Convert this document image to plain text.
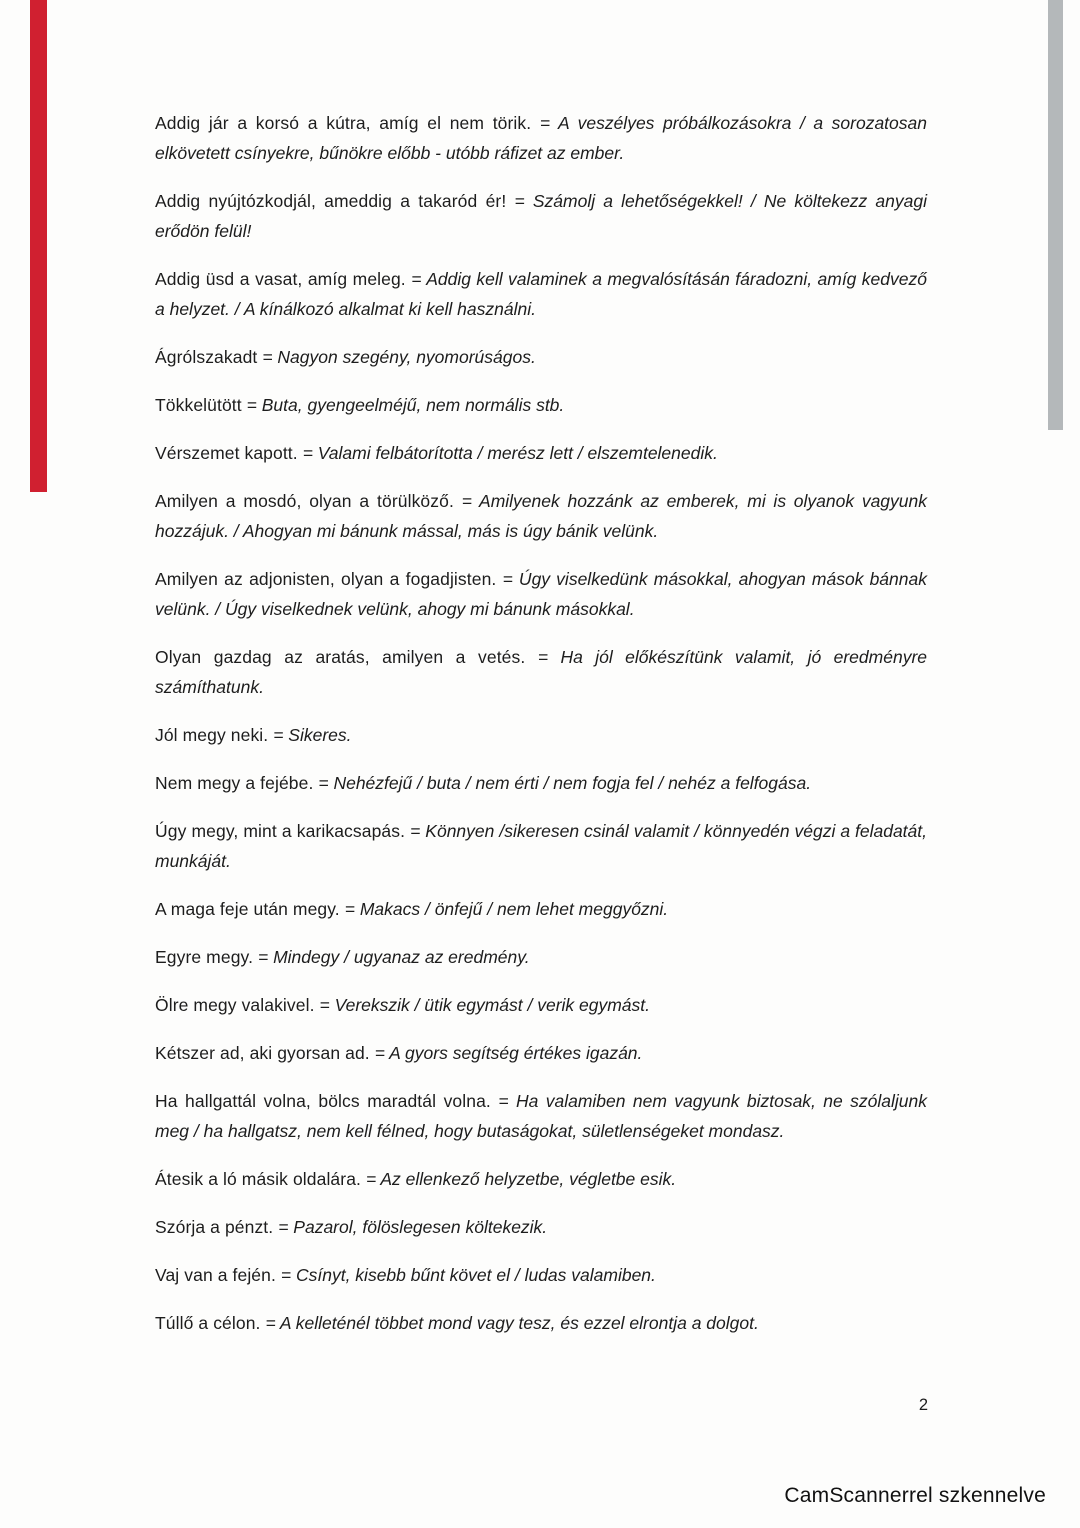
Addig jár a korsó a kútra, amíg el nem törik. = A veszélyes próbálkozásokra / a sorozatosan elkövetett csínyekre, bűnökre előbb - utóbb ráfizet az ember.

Addig nyújtózkodjál, ameddig a takaród ér! = Számolj a lehetőségekkel! / Ne költekezz anyagi erődön felül!

Addig üsd a vasat, amíg meleg. = Addig kell valaminek a megvalósításán fáradozni, amíg kedvező a helyzet. / A kínálkozó alkalmat ki kell használni.

Ágrólszakadt = Nagyon szegény, nyomorúságos.

Tökkelütött = Buta, gyengeelméjű, nem normális stb.

Vérszemet kapott. = Valami felbátorította / merész lett / elszemtelenedik.

Amilyen a mosdó, olyan a törülköző. = Amilyenek hozzánk az emberek, mi is olyanok vagyunk hozzájuk. / Ahogyan mi bánunk mással, más is úgy bánik velünk.

Amilyen az adjonisten, olyan a fogadjisten. = Úgy viselkedünk másokkal, ahogyan mások bánnak velünk. / Úgy viselkednek velünk, ahogy mi bánunk másokkal.

Olyan gazdag az aratás, amilyen a vetés. = Ha jól előkészítünk valamit, jó eredményre számíthatunk.

Jól megy neki. = Sikeres.

Nem megy a fejébe. = Nehézfejű / buta / nem érti / nem fogja fel / nehéz a felfogása.

Úgy megy, mint a karikacsapás. = Könnyen /sikeresen csinál valamit / könnyedén végzi a feladatát, munkáját.

A maga feje után megy. = Makacs / önfejű / nem lehet meggyőzni.

Egyre megy. = Mindegy / ugyanaz az eredmény.

Ölre megy valakivel. = Verekszik / ütik egymást / verik egymást.

Kétszer ad, aki gyorsan ad. = A gyors segítség értékes igazán.

Ha hallgattál volna, bölcs maradtál volna. = Ha valamiben nem vagyunk biztosak, ne szólaljunk meg / ha hallgatsz, nem kell félned, hogy butaságokat, sületlenségeket mondasz.

Átesik a ló másik oldalára. = Az ellenkező helyzetbe, végletbe esik.

Szórja a pénzt. = Pazarol, fölöslegesen költekezik.

Vaj van a fején. = Csínyt, kisebb bűnt követ el / ludas valamiben.

Túllő a célon. = A kelleténél többet mond vagy tesz, és ezzel elrontja a dolgot.

2
CamScannerrel szkennelve
